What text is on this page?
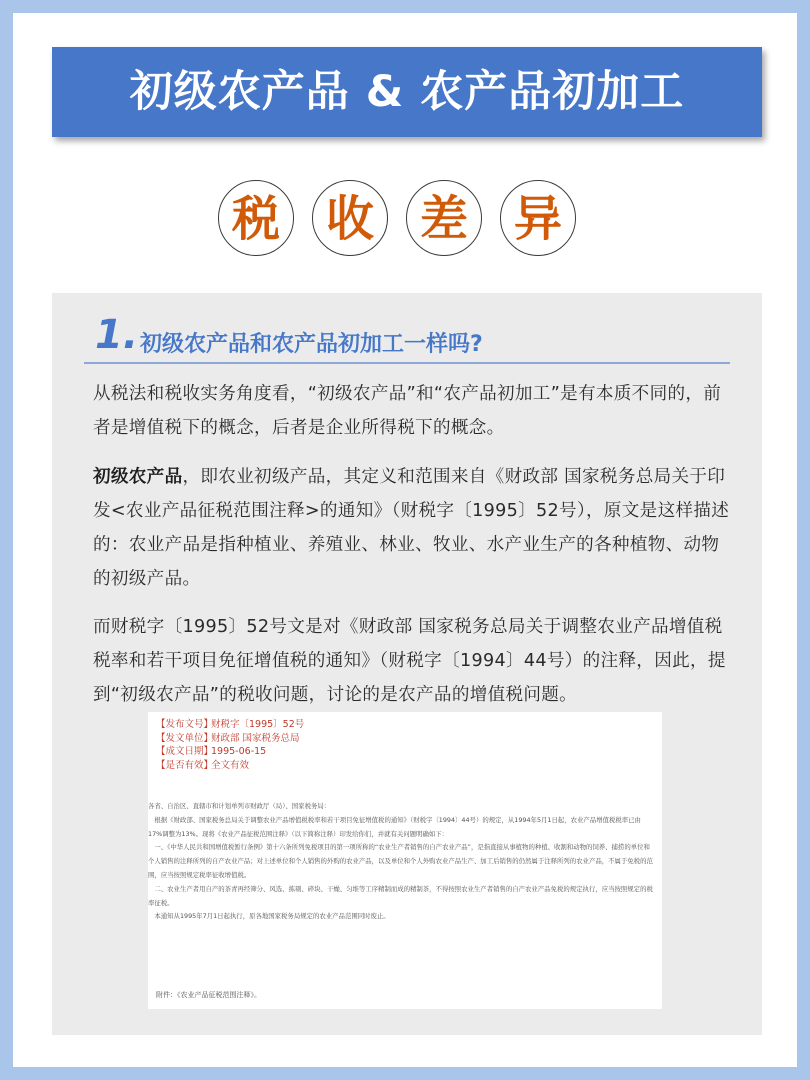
初级农产品 & 农产品初加工
税 收 差 异
1. 初级农产品和农产品初加工一样吗?
从税法和税收实务角度看，“初级农产品”和“农产品初加工”是有本质不同的，前者是增值税下的概念，后者是企业所得税下的概念。
初级农产品，即农业初级产品，其定义和范围来自《财政部 国家税务总局关于印发<农业产品征税范围注释>的通知》（财税字〔1995〕52号），原文是这样描述的：农业产品是指种植业、养殖业、林业、牧业、水产业生产的各种植物、动物的初级产品。
而财税字〔1995〕52号文是对《财政部 国家税务总局关于调整农业产品增值税税率和若干项目免征增值税的通知》（财税字〔1994〕44号）的注释，因此，提到“初级农产品”的税收问题，讨论的是农产品的增值税问题。
【发布文号】财税字〔1995〕52号
【发文单位】财政部 国家税务总局
【成文日期】1995-06-15
【是否有效】全文有效

各省、自治区、直辖市和计划单列市财政厅（局）、国家税务局：

　根据《财政部、国家税务总局关于调整农业产品增值税税率和若干项目免征增值税的通知》（财税字〔1994〕44号）的规定，从1994年5月1日起，农业产品增值税税率已由17%调整为13%。现将《农业产品征税范围注释》（以下简称注释）印发给你们，并就有关问题明确如下：

　一、《中华人民共和国增值税暂行条例》第十六条所列免税项目的第一项所称的“农业生产者销售的自产农业产品”，是指直接从事植物的种植、收割和动物的饲养、捕捞的单位和个人销售的注释所列的自产农业产品；对上述单位和个人销售的外购的农业产品，以及单位和个人外购农业产品生产、加工后销售的仍然属于注释所列的农业产品，不属于免税的范围，应当按照规定税率征收增值税。

　二、农业生产者用自产的茶青再经筛分、风选、拣剔、碎块、干燥、匀堆等工序精制而成的精制茶，不得按照农业生产者销售的自产农业产品免税的规定执行，应当按照规定的税率征税。

　本通知从1995年7月1日起执行，原各地国家税务局规定的农业产品范围同时废止。

附件：《农业产品征税范围注释》。
